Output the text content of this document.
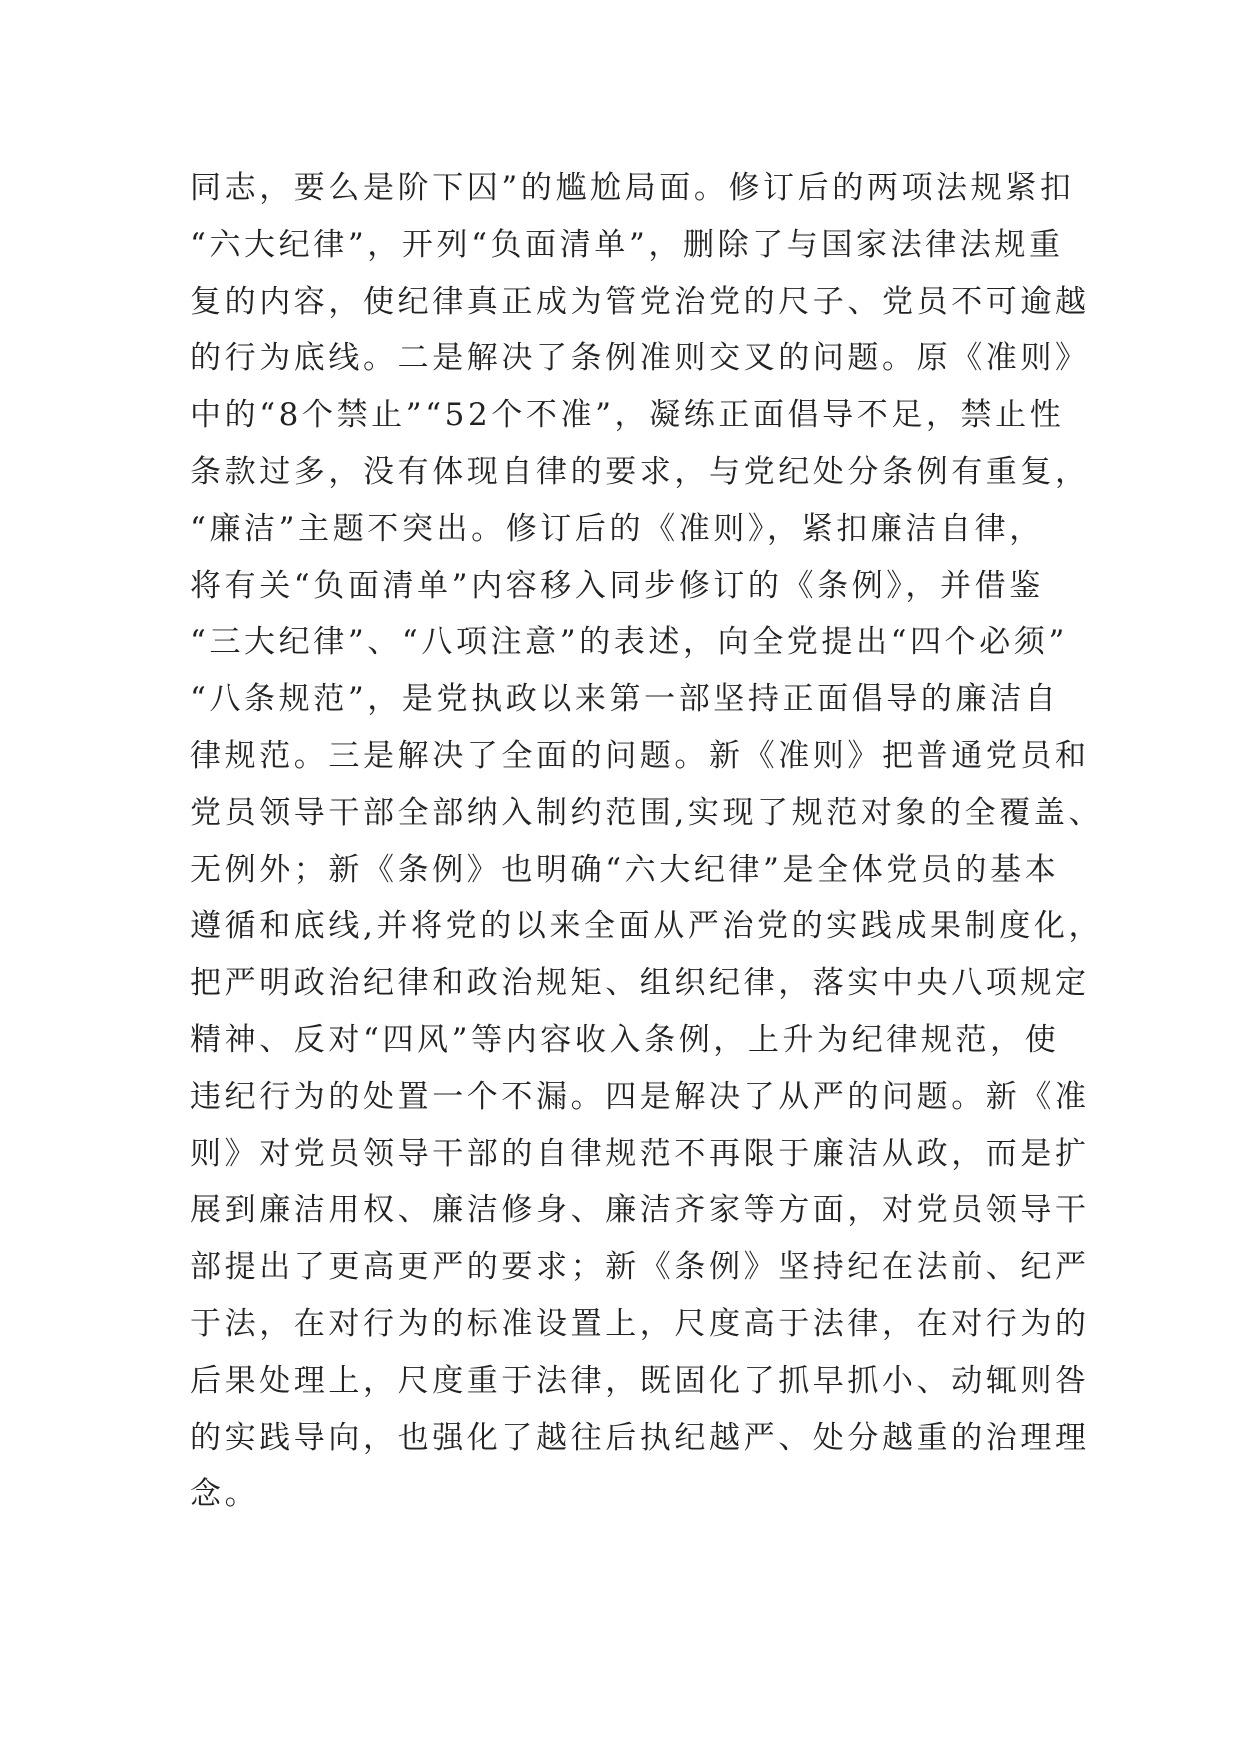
同志，要么是阶下囚”的尴尬局面。修订后的两项法规紧扣
“六大纪律”，开列“负面清单”，删除了与国家法律法规重
复的内容，使纪律真正成为管党治党的尺子、党员不可逾越
的行为底线。二是解决了条例准则交叉的问题。原《准则》
中的“8个禁止”“52个不准”，凝练正面倡导不足，禁止性
条款过多，没有体现自律的要求，与党纪处分条例有重复，
“廉洁”主题不突出。修订后的《准则》，紧扣廉洁自律，
将有关“负面清单”内容移入同步修订的《条例》，并借鉴
“三大纪律”、“八项注意”的表述，向全党提出“四个必须”
“八条规范”，是党执政以来第一部坚持正面倡导的廉洁自
律规范。三是解决了全面的问题。新《准则》把普通党员和
党员领导干部全部纳入制约范围,实现了规范对象的全覆盖、
无例外；新《条例》也明确“六大纪律”是全体党员的基本
遵循和底线,并将党的以来全面从严治党的实践成果制度化，
把严明政治纪律和政治规矩、组织纪律，落实中央八项规定
精神、反对“四风”等内容收入条例，上升为纪律规范，使
违纪行为的处置一个不漏。四是解决了从严的问题。新《准
则》对党员领导干部的自律规范不再限于廉洁从政，而是扩
展到廉洁用权、廉洁修身、廉洁齐家等方面，对党员领导干
部提出了更高更严的要求；新《条例》坚持纪在法前、纪严
于法，在对行为的标准设置上，尺度高于法律，在对行为的
后果处理上，尺度重于法律，既固化了抓早抓小、动辄则咎
的实践导向，也强化了越往后执纪越严、处分越重的治理理
念。
